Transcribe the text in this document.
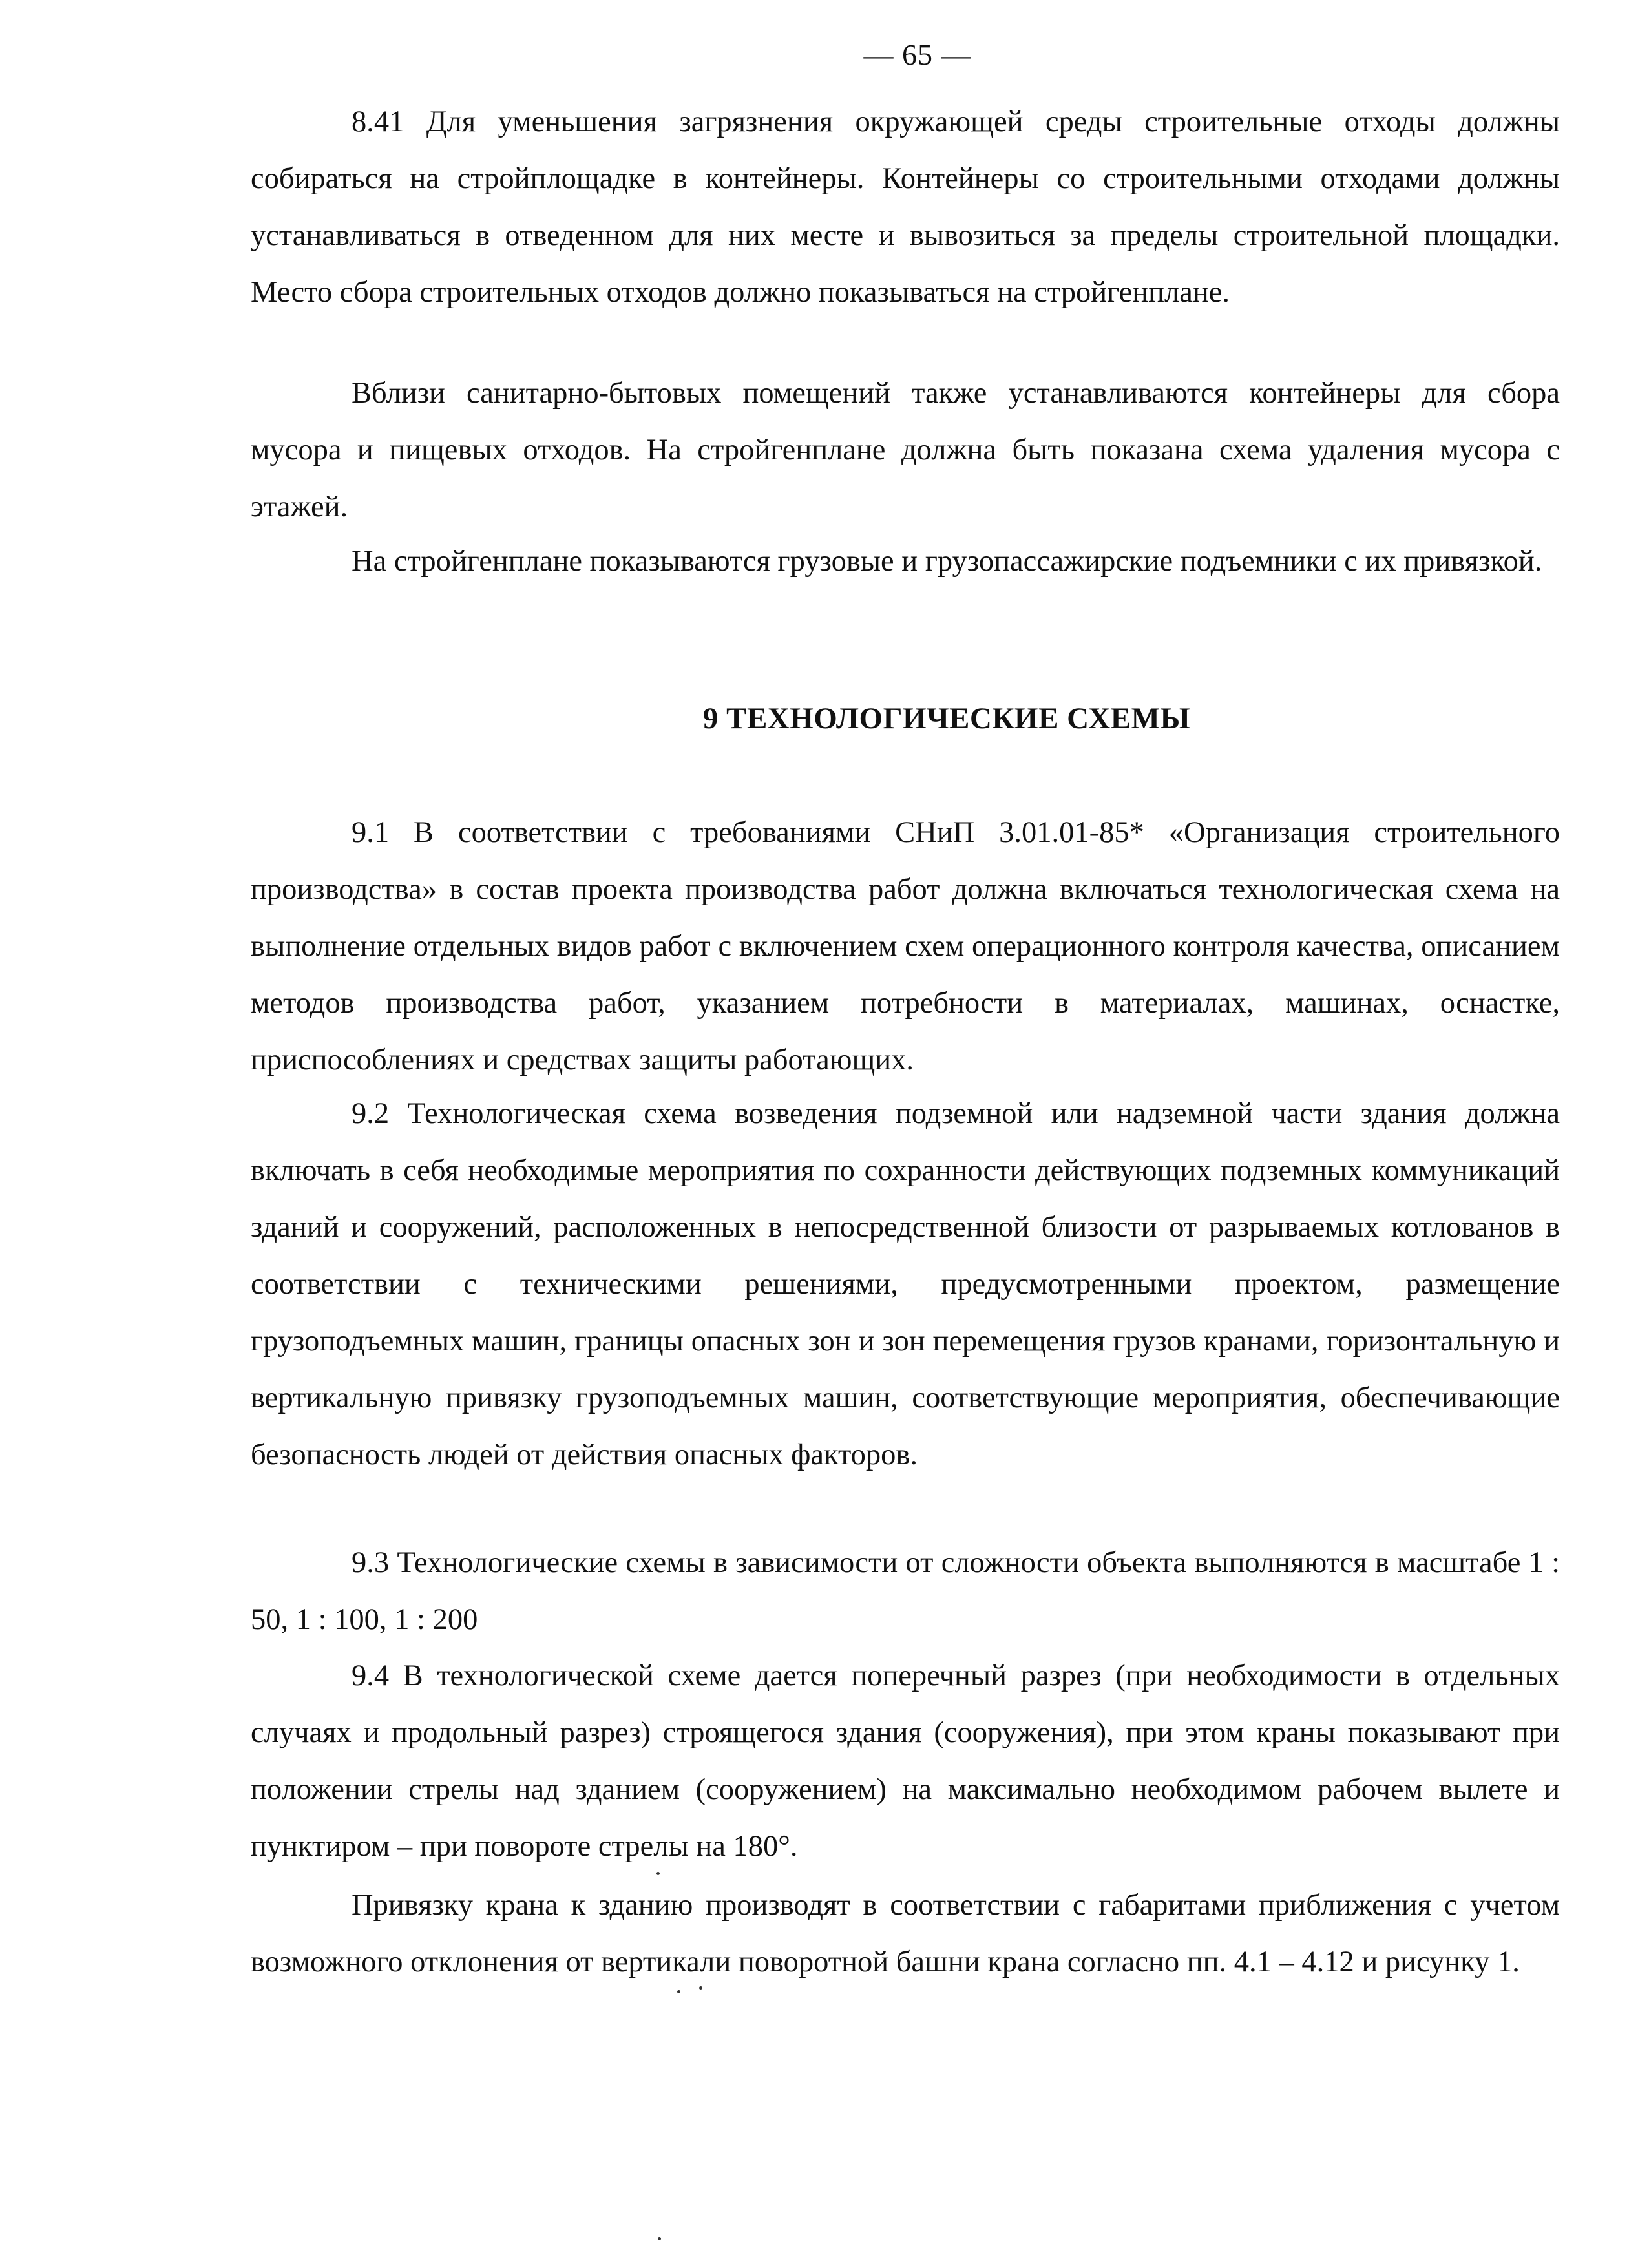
— 65 —

8.41 Для уменьшения загрязнения окружающей среды строительные отходы должны собираться на стройплощадке в контейнеры. Контейнеры со строительными отходами должны устанавливаться в отведенном для них месте и вывозиться за пределы строительной площадки. Место сбора строительных отходов должно показываться на стройгенплане.

Вблизи санитарно-бытовых помещений также устанавливаются контейнеры для сбора мусора и пищевых отходов. На стройгенплане должна быть показана схема удаления мусора с этажей.

На стройгенплане показываются грузовые и грузопассажирские подъемники с их привязкой.

9 ТЕХНОЛОГИЧЕСКИЕ СХЕМЫ

9.1 В соответствии с требованиями СНиП 3.01.01-85* «Организация строительного производства» в состав проекта производства работ должна включаться технологическая схема на выполнение отдельных видов работ с включением схем операционного контроля качества, описанием методов производства работ, указанием потребности в материалах, машинах, оснастке, приспособлениях и средствах защиты работающих.

9.2 Технологическая схема возведения подземной или надземной части здания должна включать в себя необходимые мероприятия по сохранности действующих подземных коммуникаций зданий и сооружений, расположенных в непосредственной близости от разрываемых котлованов в соответствии с техническими решениями, предусмотренными проектом, размещение грузоподъемных машин, границы опасных зон и зон перемещения грузов кранами, горизонтальную и вертикальную привязку грузоподъемных машин, соответствующие мероприятия, обеспечивающие безопасность людей от действия опасных факторов.

9.3 Технологические схемы в зависимости от сложности объекта выполняются в масштабе 1 : 50, 1 : 100, 1 : 200

9.4 В технологической схеме дается поперечный разрез (при необходимости в отдельных случаях и продольный разрез) строящегося здания (сооружения), при этом краны показывают при положении стрелы над зданием (сооружением) на максимально необходимом рабочем вылете и пунктиром – при повороте стрелы на 180°.

Привязку крана к зданию производят в соответствии с габаритами приближения с учетом возможного отклонения от вертикали поворотной башни крана согласно пп. 4.1 – 4.12 и рисунку 1.
